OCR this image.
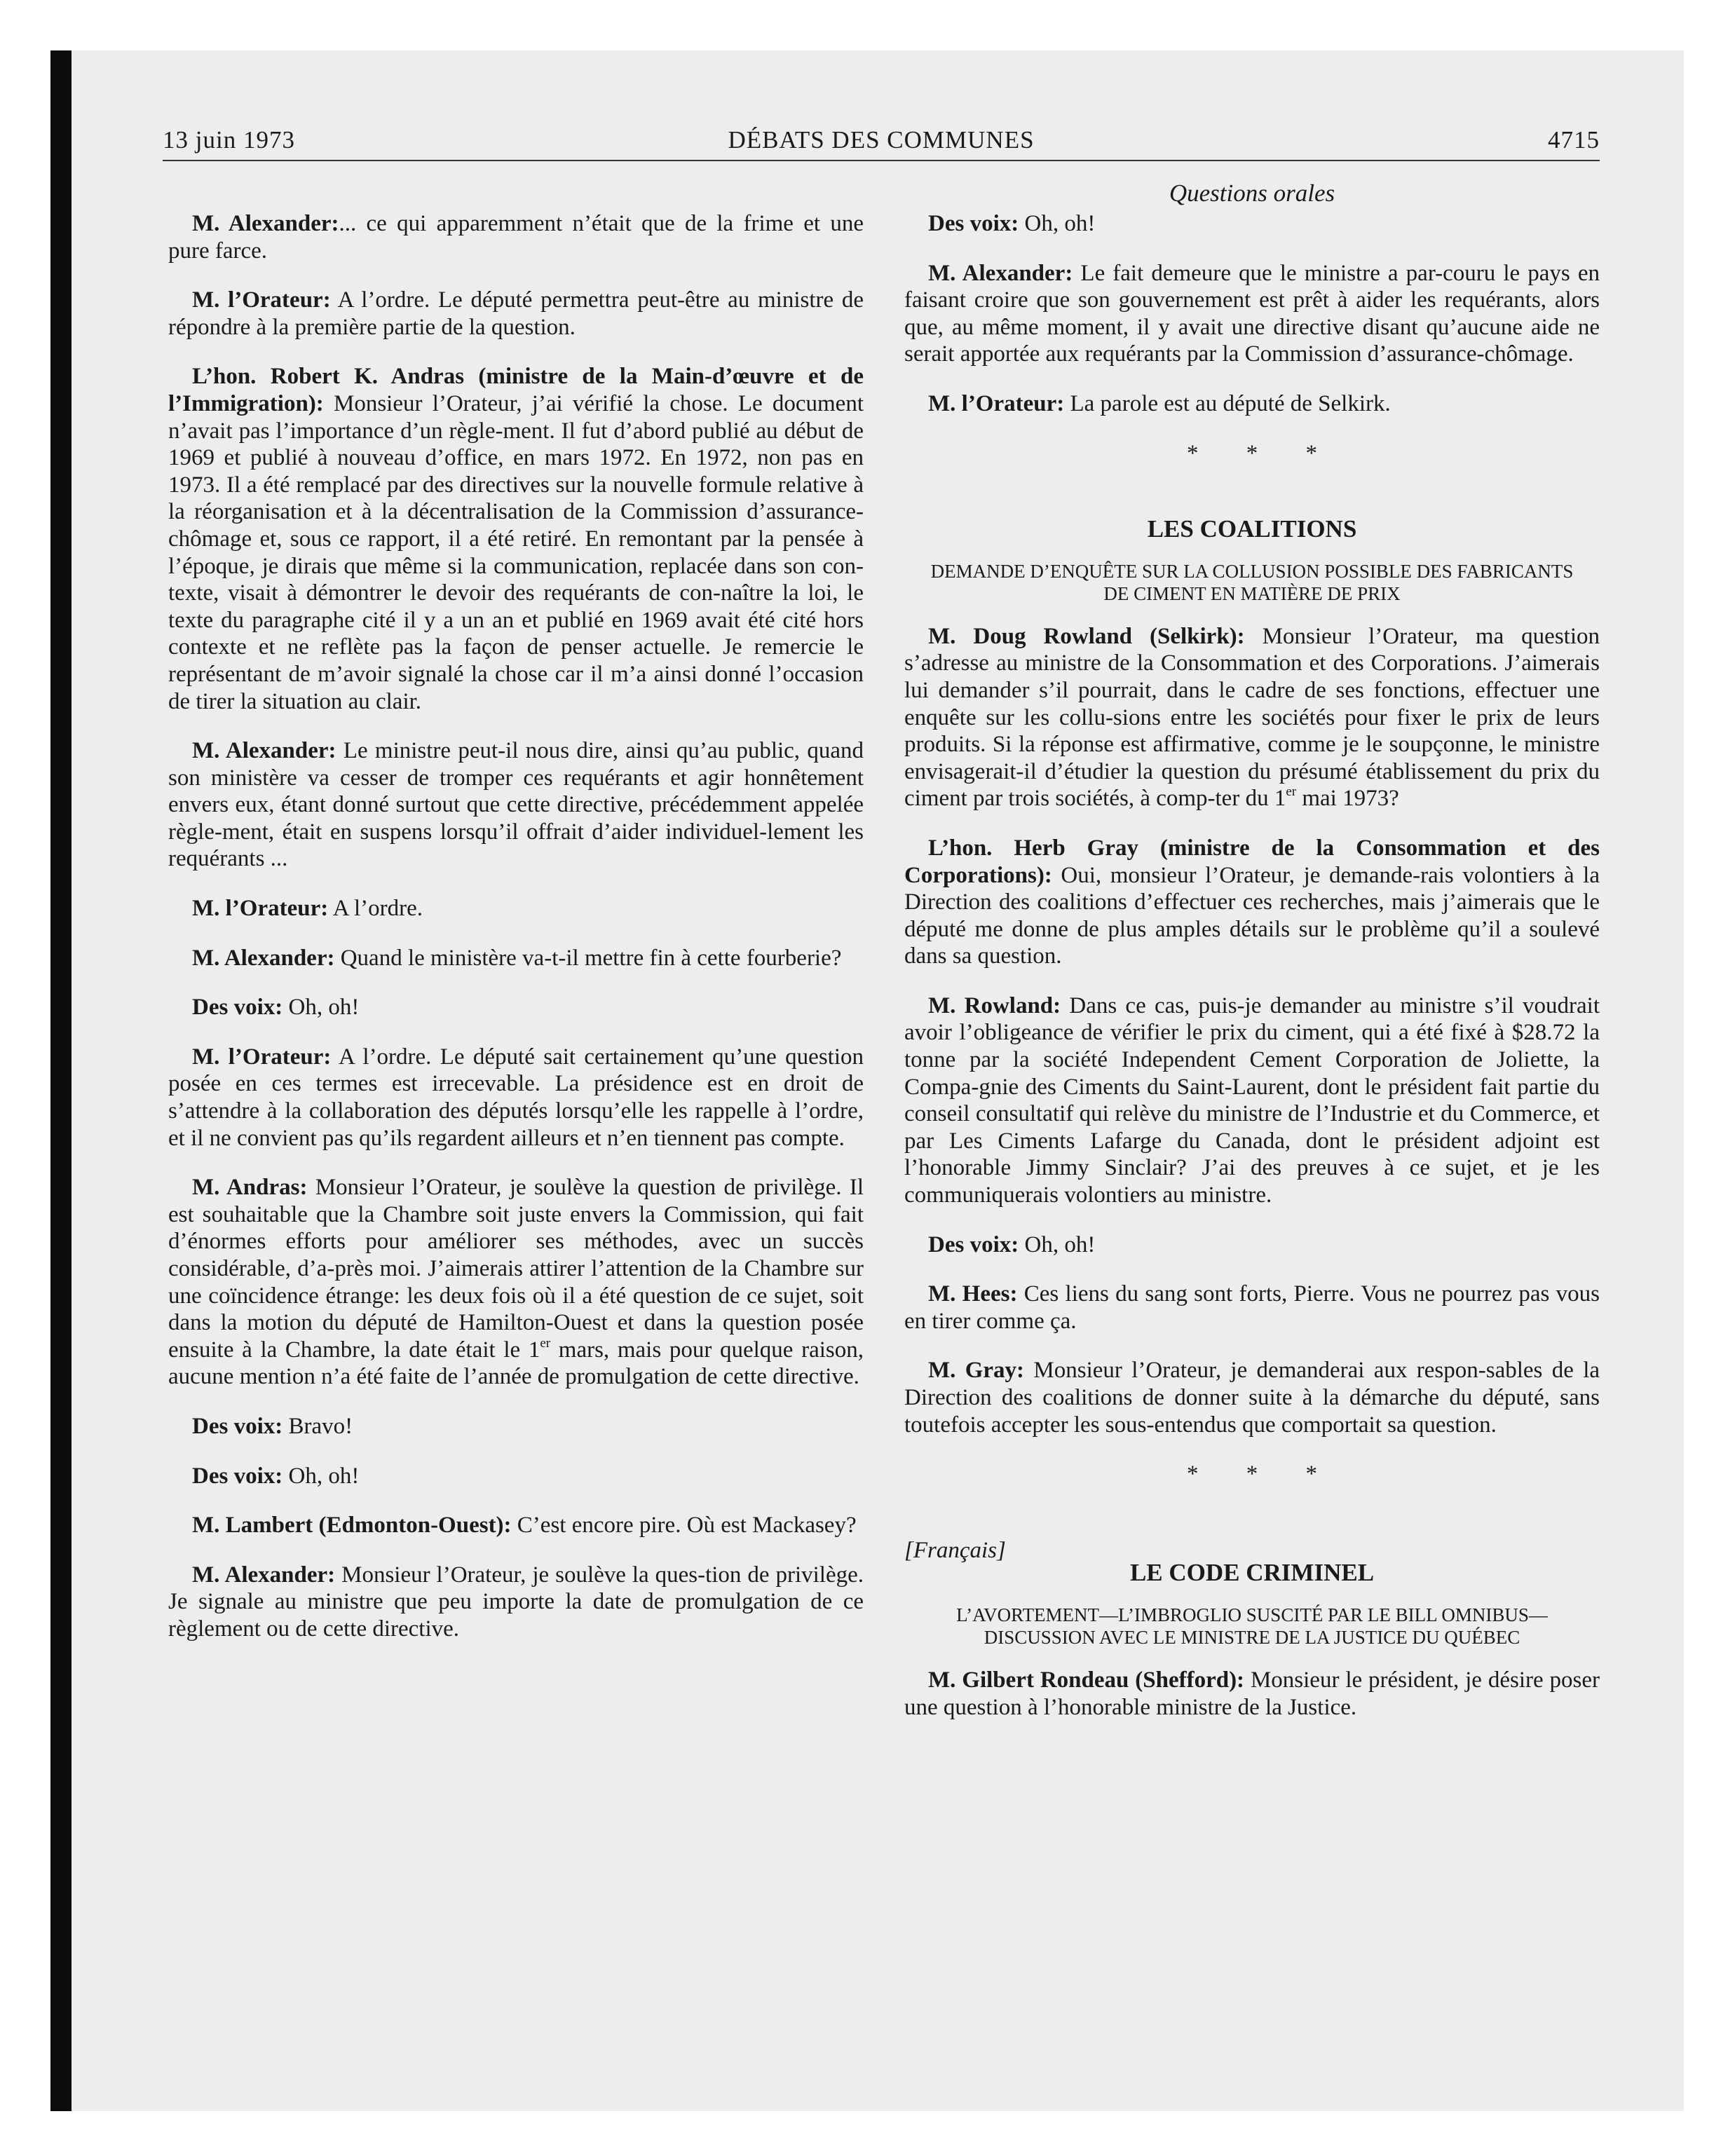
13 juin 1973	DÉBATS DES COMMUNES	4715
Questions orales

M. Alexander:... ce qui apparemment n’était que de la frime et une pure farce.

M. l’Orateur: A l’ordre. Le député permettra peut-être au ministre de répondre à la première partie de la question.

L’hon. Robert K. Andras (ministre de la Main-d’œuvre et de l’Immigration): Monsieur l’Orateur, j’ai vérifié la chose. Le document n’avait pas l’importance d’un règle-ment. Il fut d’abord publié au début de 1969 et publié à nouveau d’office, en mars 1972. En 1972, non pas en 1973. Il a été remplacé par des directives sur la nouvelle formule relative à la réorganisation et à la décentralisation de la Commission d’assurance-chômage et, sous ce rapport, il a été retiré. En remontant par la pensée à l’époque, je dirais que même si la communication, replacée dans son con-texte, visait à démontrer le devoir des requérants de con-naître la loi, le texte du paragraphe cité il y a un an et publié en 1969 avait été cité hors contexte et ne reflète pas la façon de penser actuelle. Je remercie le représentant de m’avoir signalé la chose car il m’a ainsi donné l’occasion de tirer la situation au clair.

M. Alexander: Le ministre peut-il nous dire, ainsi qu’au public, quand son ministère va cesser de tromper ces requérants et agir honnêtement envers eux, étant donné surtout que cette directive, précédemment appelée règle-ment, était en suspens lorsqu’il offrait d’aider individuel-lement les requérants ...

M. l’Orateur: A l’ordre.

M. Alexander: Quand le ministère va-t-il mettre fin à cette fourberie?

Des voix: Oh, oh!

M. l’Orateur: A l’ordre. Le député sait certainement qu’une question posée en ces termes est irrecevable. La présidence est en droit de s’attendre à la collaboration des députés lorsqu’elle les rappelle à l’ordre, et il ne convient pas qu’ils regardent ailleurs et n’en tiennent pas compte.

M. Andras: Monsieur l’Orateur, je soulève la question de privilège. Il est souhaitable que la Chambre soit juste envers la Commission, qui fait d’énormes efforts pour améliorer ses méthodes, avec un succès considérable, d’a-près moi. J’aimerais attirer l’attention de la Chambre sur une coïncidence étrange: les deux fois où il a été question de ce sujet, soit dans la motion du député de Hamilton-Ouest et dans la question posée ensuite à la Chambre, la date était le 1er mars, mais pour quelque raison, aucune mention n’a été faite de l’année de promulgation de cette directive.

Des voix: Bravo!

Des voix: Oh, oh!

M. Lambert (Edmonton-Ouest): C’est encore pire. Où est Mackasey?

M. Alexander: Monsieur l’Orateur, je soulève la ques-tion de privilège. Je signale au ministre que peu importe la date de promulgation de ce règlement ou de cette directive.

Des voix: Oh, oh!

M. Alexander: Le fait demeure que le ministre a par-couru le pays en faisant croire que son gouvernement est prêt à aider les requérants, alors que, au même moment, il y avait une directive disant qu’aucune aide ne serait apportée aux requérants par la Commission d’assurance-chômage.

M. l’Orateur: La parole est au député de Selkirk.

* * *
LES COALITIONS
DEMANDE D’ENQUÊTE SUR LA COLLUSION POSSIBLE DES FABRICANTS DE CIMENT EN MATIÈRE DE PRIX

M. Doug Rowland (Selkirk): Monsieur l’Orateur, ma question s’adresse au ministre de la Consommation et des Corporations. J’aimerais lui demander s’il pourrait, dans le cadre de ses fonctions, effectuer une enquête sur les collu-sions entre les sociétés pour fixer le prix de leurs produits. Si la réponse est affirmative, comme je le soupçonne, le ministre envisagerait-il d’étudier la question du présumé établissement du prix du ciment par trois sociétés, à comp-ter du 1er mai 1973?

L’hon. Herb Gray (ministre de la Consommation et des Corporations): Oui, monsieur l’Orateur, je demande-rais volontiers à la Direction des coalitions d’effectuer ces recherches, mais j’aimerais que le député me donne de plus amples détails sur le problème qu’il a soulevé dans sa question.

M. Rowland: Dans ce cas, puis-je demander au ministre s’il voudrait avoir l’obligeance de vérifier le prix du ciment, qui a été fixé à $28.72 la tonne par la société Independent Cement Corporation de Joliette, la Compa-gnie des Ciments du Saint-Laurent, dont le président fait partie du conseil consultatif qui relève du ministre de l’Industrie et du Commerce, et par Les Ciments Lafarge du Canada, dont le président adjoint est l’honorable Jimmy Sinclair? J’ai des preuves à ce sujet, et je les communiquerais volontiers au ministre.

Des voix: Oh, oh!

M. Hees: Ces liens du sang sont forts, Pierre. Vous ne pourrez pas vous en tirer comme ça.

M. Gray: Monsieur l’Orateur, je demanderai aux respon-sables de la Direction des coalitions de donner suite à la démarche du député, sans toutefois accepter les sous-entendus que comportait sa question.

* * *
[Français]
LE CODE CRIMINEL
L’AVORTEMENT—L’IMBROGLIO SUSCITÉ PAR LE BILL OMNIBUS—DISCUSSION AVEC LE MINISTRE DE LA JUSTICE DU QUÉBEC

M. Gilbert Rondeau (Shefford): Monsieur le président, je désire poser une question à l’honorable ministre de la Justice.
